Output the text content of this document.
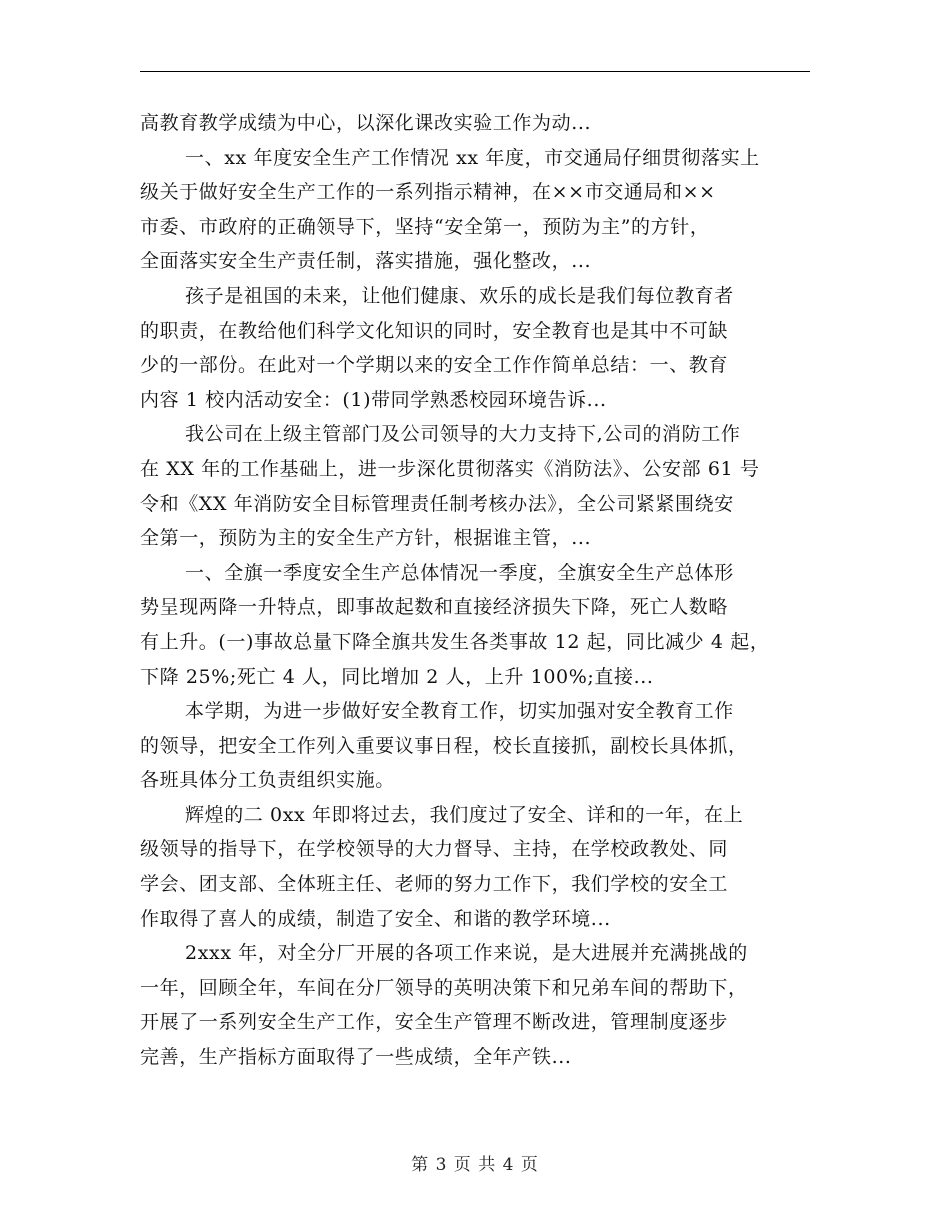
高教育教学成绩为中心，以深化课改实验工作为动...
一、xx 年度安全生产工作情况 xx 年度，市交通局仔细贯彻落实上
级关于做好安全生产工作的一系列指示精神，在××市交通局和××
市委、市政府的正确领导下，坚持“安全第一，预防为主”的方针，
全面落实安全生产责任制，落实措施，强化整改，...
孩子是祖国的未来，让他们健康、欢乐的成长是我们每位教育者
的职责，在教给他们科学文化知识的同时，安全教育也是其中不可缺
少的一部份。在此对一个学期以来的安全工作作简单总结：一、教育
内容 1 校内活动安全：(1)带同学熟悉校园环境告诉...
我公司在上级主管部门及公司领导的大力支持下,公司的消防工作
在 XX 年的工作基础上，进一步深化贯彻落实《消防法》、公安部 61 号
令和《XX 年消防安全目标管理责任制考核办法》，全公司紧紧围绕安
全第一，预防为主的安全生产方针，根据谁主管，...
一、全旗一季度安全生产总体情况一季度，全旗安全生产总体形
势呈现两降一升特点，即事故起数和直接经济损失下降，死亡人数略
有上升。(一)事故总量下降全旗共发生各类事故 12 起，同比减少 4 起，
下降 25%;死亡 4 人，同比增加 2 人，上升 100%;直接...
本学期，为进一步做好安全教育工作，切实加强对安全教育工作
的领导，把安全工作列入重要议事日程，校长直接抓，副校长具体抓，
各班具体分工负责组织实施。
辉煌的二 0xx 年即将过去，我们度过了安全、详和的一年，在上
级领导的指导下，在学校领导的大力督导、主持，在学校政教处、同
学会、团支部、全体班主任、老师的努力工作下，我们学校的安全工
作取得了喜人的成绩，制造了安全、和谐的教学环境...
2xxx 年，对全分厂开展的各项工作来说，是大进展并充满挑战的
一年，回顾全年，车间在分厂领导的英明决策下和兄弟车间的帮助下，
开展了一系列安全生产工作，安全生产管理不断改进，管理制度逐步
完善，生产指标方面取得了一些成绩，全年产铁...
第 3 页 共 4 页
